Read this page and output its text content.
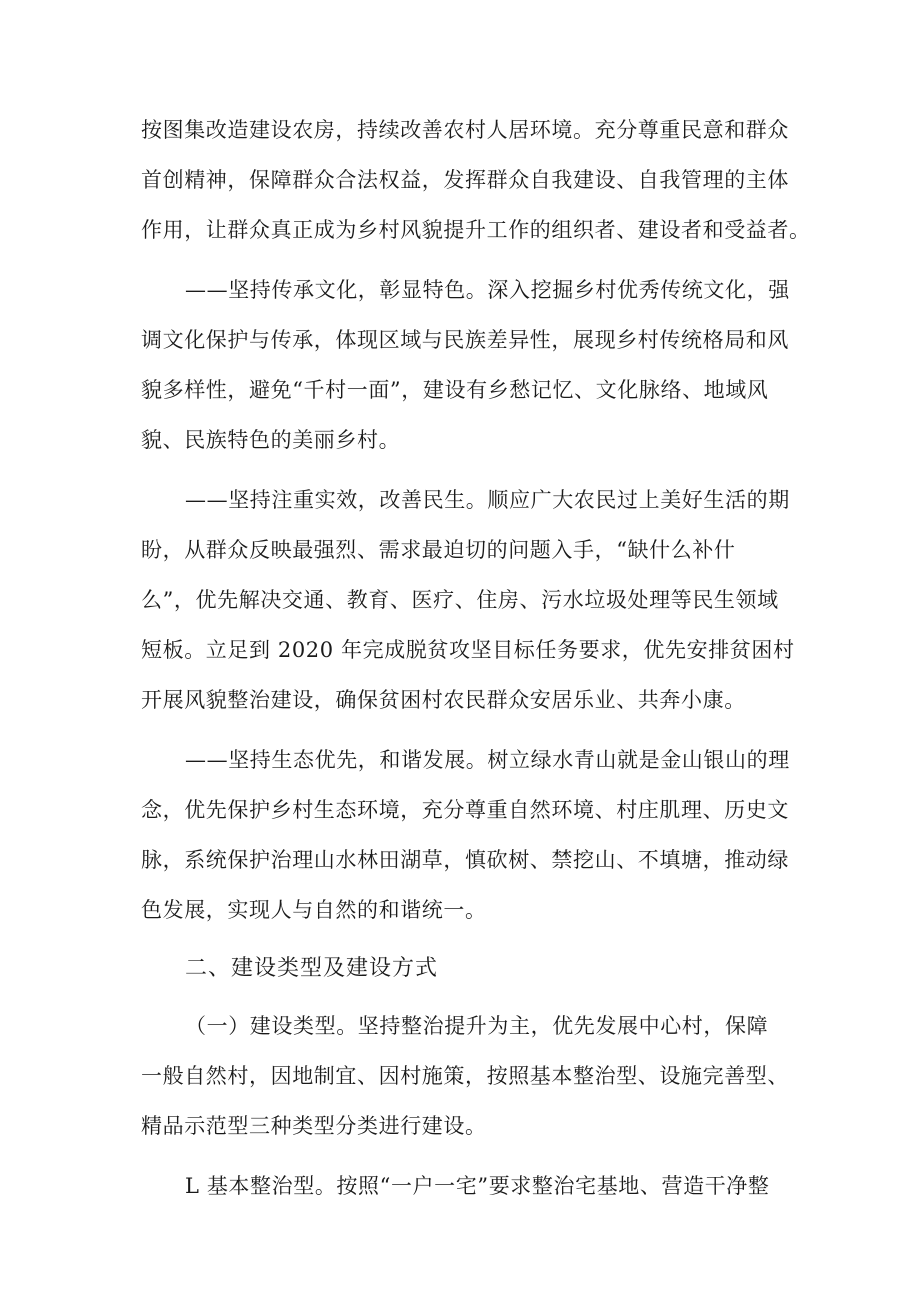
按图集改造建设农房，持续改善农村人居环境。充分尊重民意和群众
首创精神，保障群众合法权益，发挥群众自我建设、自我管理的主体
作用，让群众真正成为乡村风貌提升工作的组织者、建设者和受益者。
——坚持传承文化，彰显特色。深入挖掘乡村优秀传统文化，强
调文化保护与传承，体现区域与民族差异性，展现乡村传统格局和风
貌多样性，避免“千村一面”，建设有乡愁记忆、文化脉络、地域风
貌、民族特色的美丽乡村。
——坚持注重实效，改善民生。顺应广大农民过上美好生活的期
盼，从群众反映最强烈、需求最迫切的问题入手，“缺什么补什
么”，优先解决交通、教育、医疗、住房、污水垃圾处理等民生领域
短板。立足到 2020 年完成脱贫攻坚目标任务要求，优先安排贫困村
开展风貌整治建设，确保贫困村农民群众安居乐业、共奔小康。
——坚持生态优先，和谐发展。树立绿水青山就是金山银山的理
念，优先保护乡村生态环境，充分尊重自然环境、村庄肌理、历史文
脉，系统保护治理山水林田湖草，慎砍树、禁挖山、不填塘，推动绿
色发展，实现人与自然的和谐统一。
二、建设类型及建设方式
（一）建设类型。坚持整治提升为主，优先发展中心村，保障
一般自然村，因地制宜、因村施策，按照基本整治型、设施完善型、
精品示范型三种类型分类进行建设。
L 基本整治型。按照“一户一宅”要求整治宅基地、营造干净整
